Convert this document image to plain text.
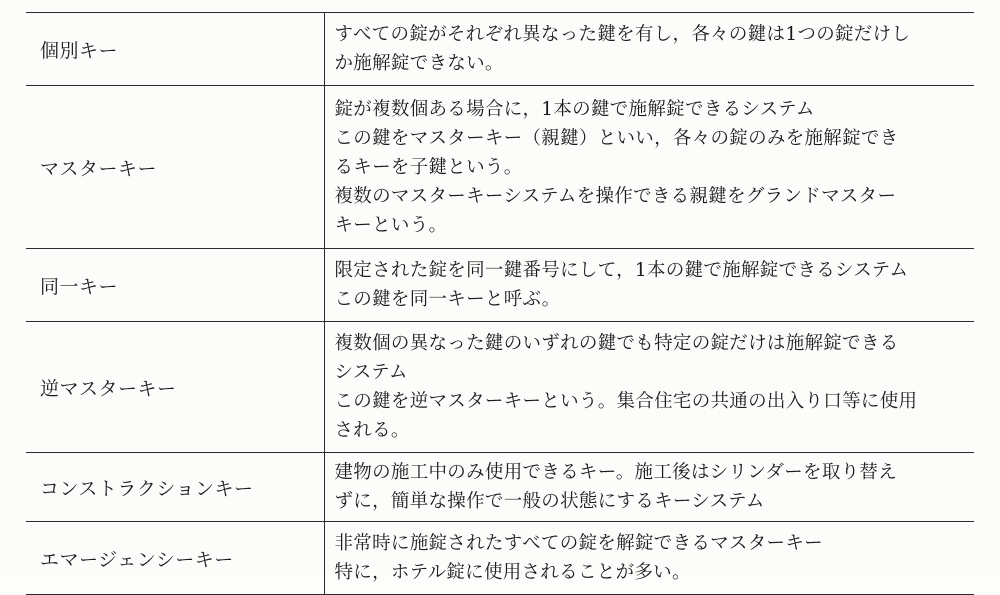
個別キー	すべての錠がそれぞれ異なった鍵を有し，各々の鍵は1つの錠だけし
か施解錠できない。

マスターキー	錠が複数個ある場合に，1本の鍵で施解錠できるシステム
この鍵をマスターキー（親鍵）といい，各々の錠のみを施解錠でき
るキーを子鍵という。
複数のマスターキーシステムを操作できる親鍵をグランドマスター
キーという。

同一キー	限定された錠を同一鍵番号にして，1本の鍵で施解錠できるシステム
この鍵を同一キーと呼ぶ。

逆マスターキー	複数個の異なった鍵のいずれの鍵でも特定の錠だけは施解錠できる
システム
この鍵を逆マスターキーという。集合住宅の共通の出入り口等に使用
される。

コンストラクションキー	建物の施工中のみ使用できるキー。施工後はシリンダーを取り替え
ずに，簡単な操作で一般の状態にするキーシステム

エマージェンシーキー	非常時に施錠されたすべての錠を解錠できるマスターキー
特に，ホテル錠に使用されることが多い。
